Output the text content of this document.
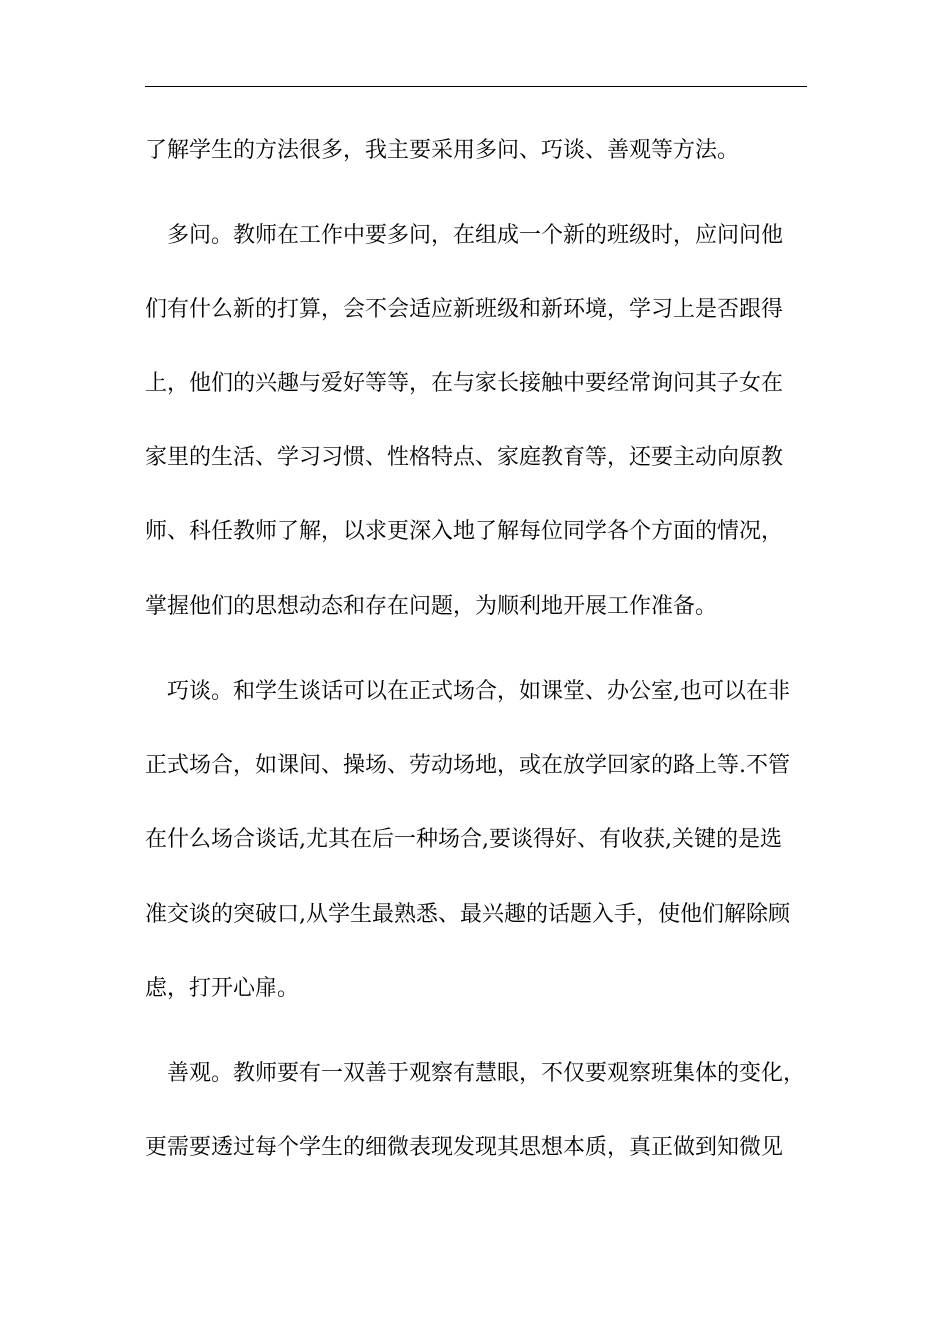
了解学生的方法很多，我主要采用多问、巧谈、善观等方法。

多问。教师在工作中要多问，在组成一个新的班级时，应问问他

们有什么新的打算，会不会适应新班级和新环境，学习上是否跟得

上，他们的兴趣与爱好等等，在与家长接触中要经常询问其子女在

家里的生活、学习习惯、性格特点、家庭教育等，还要主动向原教

师、科任教师了解，以求更深入地了解每位同学各个方面的情况，

掌握他们的思想动态和存在问题，为顺利地开展工作准备。

巧谈。和学生谈话可以在正式场合，如课堂、办公室,也可以在非

正式场合，如课间、操场、劳动场地，或在放学回家的路上等.不管

在什么场合谈话,尤其在后一种场合,要谈得好、有收获,关键的是选

准交谈的突破口,从学生最熟悉、最兴趣的话题入手，使他们解除顾

虑，打开心扉。

善观。教师要有一双善于观察有慧眼，不仅要观察班集体的变化，

更需要透过每个学生的细微表现发现其思想本质，真正做到知微见
